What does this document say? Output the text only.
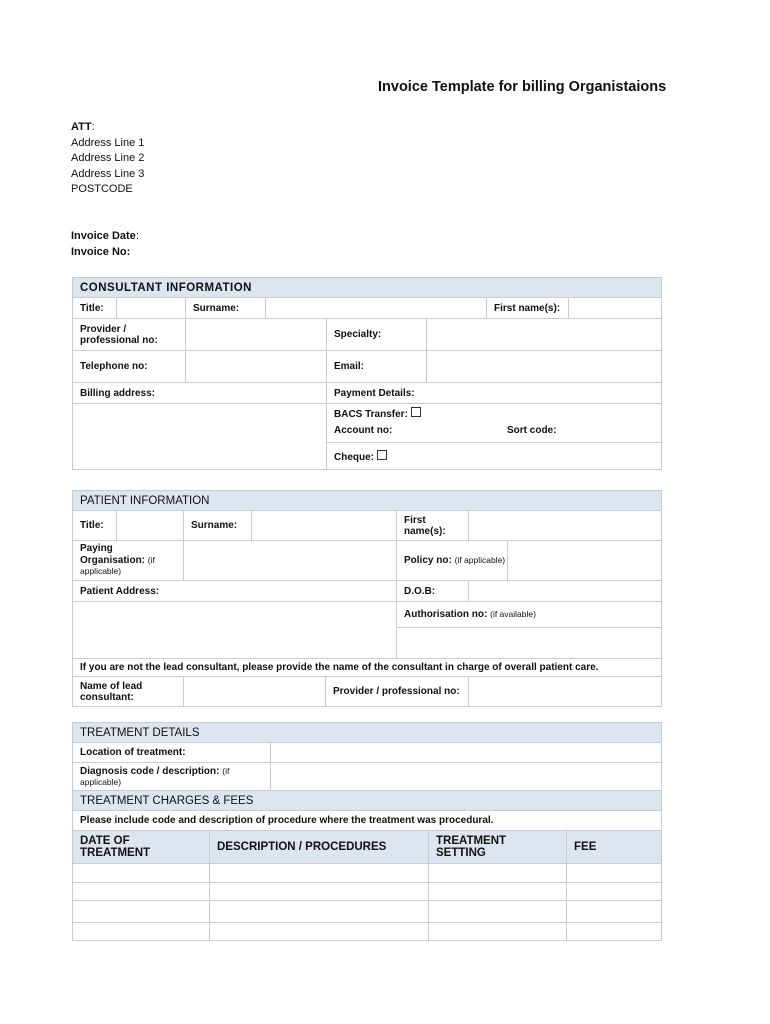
Invoice Template for billing Organistaions
ATT:
Address Line 1
Address Line 2
Address Line 3
POSTCODE
Invoice Date:
Invoice No:
CONSULTANT INFORMATION							
Title:		Surname:				First name(s):	
Provider / professional no:				Specialty:			
Telephone no:				Email:			
Billing address:				Payment Details:			

				BACS Transfer:
Account no: Sort code:			

				Cheque:			
PATIENT INFORMATION						
Title:		Surname:			First name(s):	
Paying Organisation: (if applicable)					Policy no: (if applicable)	

Patient Address:					D.O.B:	
					Authorisation no: (if available)	

If you are not the lead consultant, please provide the name of the consultant in charge of overall patient care.						
Name of lead consultant:				Provider / professional no:		
TREATMENT DETAILS				
Location of treatment:				
Diagnosis code / description: (if applicable)				
TREATMENT CHARGES & FEES				
Please include code and description of procedure where the treatment was procedural.				
DATE OF TREATMENT	DESCRIPTION / PROCEDURES		TREATMENT SETTING	FEE
